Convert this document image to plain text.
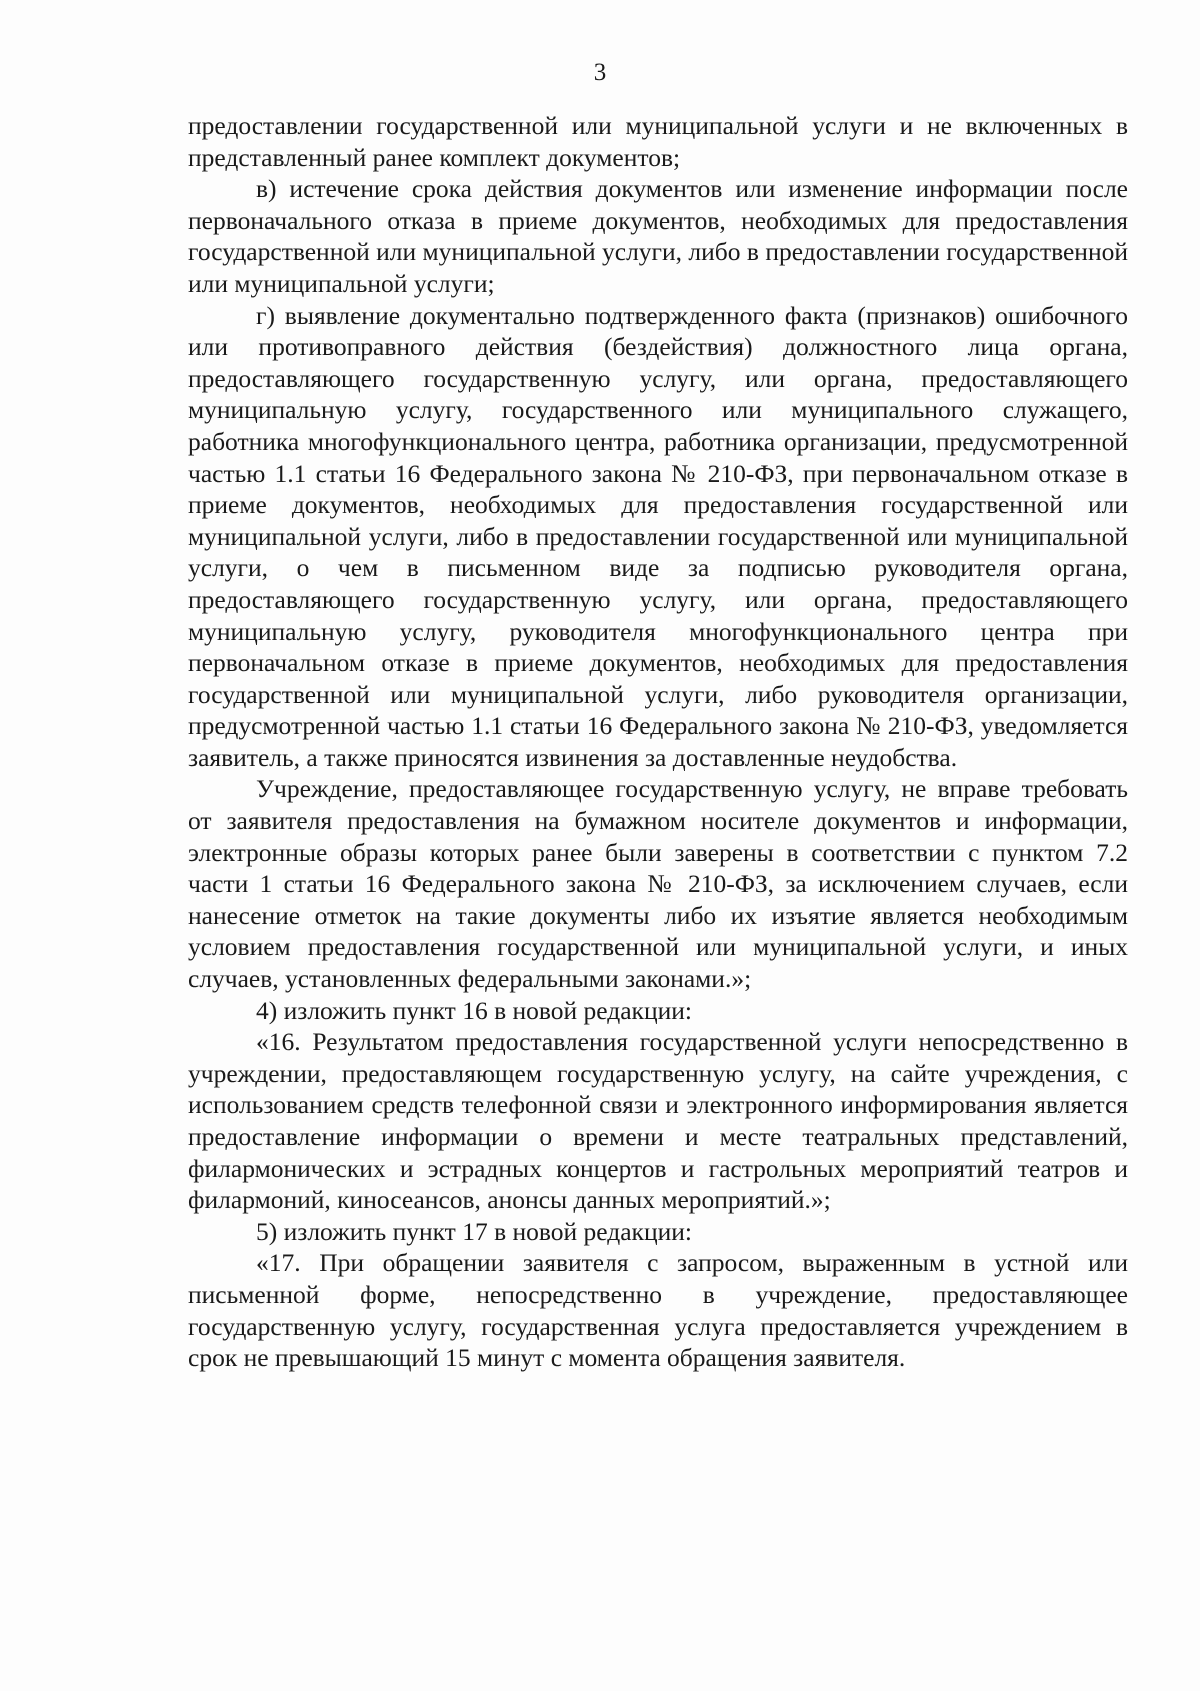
3

предоставлении государственной или муниципальной услуги и не включенных в представленный ранее комплект документов;

в) истечение срока действия документов или изменение информации после первоначального отказа в приеме документов, необходимых для предоставления государственной или муниципальной услуги, либо в предоставлении государственной или муниципальной услуги;

г) выявление документально подтвержденного факта (признаков) ошибочного или противоправного действия (бездействия) должностного лица органа, предоставляющего государственную услугу, или органа, предоставляющего муниципальную услугу, государственного или муниципального служащего, работника многофункционального центра, работника организации, предусмотренной частью 1.1 статьи 16 Федерального закона № 210-ФЗ, при первоначальном отказе в приеме документов, необходимых для предоставления государственной или муниципальной услуги, либо в предоставлении государственной или муниципальной услуги, о чем в письменном виде за подписью руководителя органа, предоставляющего государственную услугу, или органа, предоставляющего муниципальную услугу, руководителя многофункционального центра при первоначальном отказе в приеме документов, необходимых для предоставления государственной или муниципальной услуги, либо руководителя организации, предусмотренной частью 1.1 статьи 16 Федерального закона № 210-ФЗ, уведомляется заявитель, а также приносятся извинения за доставленные неудобства.

Учреждение, предоставляющее государственную услугу, не вправе требовать от заявителя предоставления на бумажном носителе документов и информации, электронные образы которых ранее были заверены в соответствии с пунктом 7.2 части 1 статьи 16 Федерального закона № 210-ФЗ, за исключением случаев, если нанесение отметок на такие документы либо их изъятие является необходимым условием предоставления государственной или муниципальной услуги, и иных случаев, установленных федеральными законами.»;

4) изложить пункт 16 в новой редакции:

«16. Результатом предоставления государственной услуги непосредственно в учреждении, предоставляющем государственную услугу, на сайте учреждения, с использованием средств телефонной связи и электронного информирования является предоставление информации о времени и месте театральных представлений, филармонических и эстрадных концертов и гастрольных мероприятий театров и филармоний, киносеансов, анонсы данных мероприятий.»;

5) изложить пункт 17 в новой редакции:

«17. При обращении заявителя с запросом, выраженным в устной или письменной форме, непосредственно в учреждение, предоставляющее государственную услугу, государственная услуга предоставляется учреждением в срок не превышающий 15 минут с момента обращения заявителя.
